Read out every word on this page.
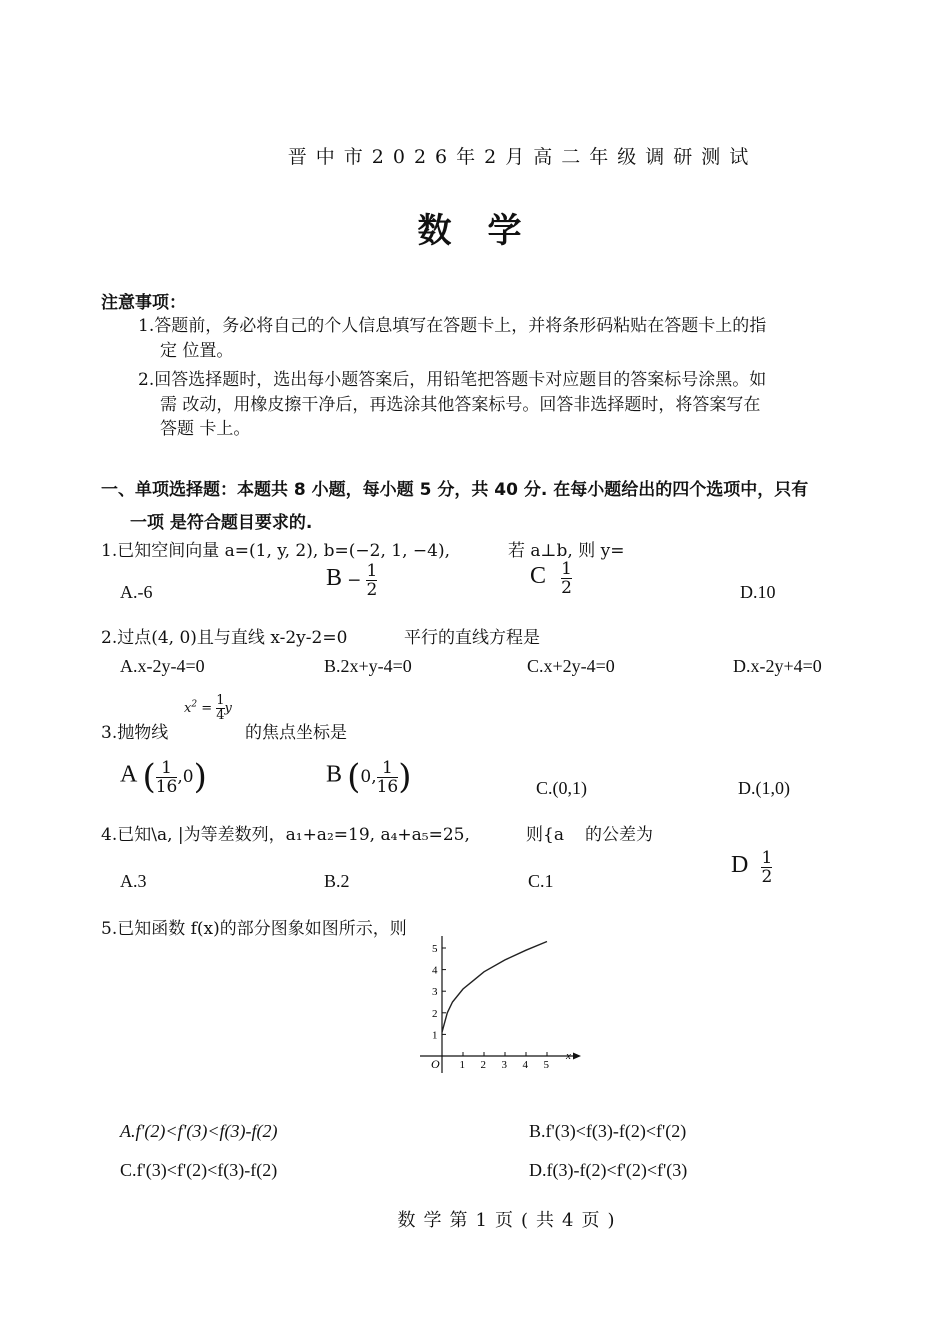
晋中市2026年2月高二年级调研测试
数学
注意事项：
1.答题前，务必将自己的个人信息填写在答题卡上，并将条形码粘贴在答题卡上的指
定 位置。
2.回答选择题时，选出每小题答案后，用铅笔把答题卡对应题目的答案标号涂黑。如
需 改动，用橡皮擦干净后，再选涂其他答案标号。回答非选择题时，将答案写在
答题 卡上。
一、单项选择题：本题共 8 小题，每小题 5 分，共 40 分. 在每小题给出的四个选项中，只有
一项 是符合题目要求的.
1.已知空间向量 a=(1, y, 2), b=(−2, 1, −4),	若 a⊥b, 则 y=
A.-6
$B - \frac{1}{2}$	C $\frac{1}{2}$	D.10
2.过点(4, 0)且与直线 x-2y-2=0	平行的直线方程是
A.x-2y-4=0	B.2x+y-4=0	C.x+2y-4=0	D.x-2y+4=0
3.抛物线
$x^2 = \frac{1}{4}$ y
的焦点坐标是
A ( $\frac{1}{16} ,0$)	B (0, $\frac{1}{16}$ )	C.(0,1)	D.(1,0)
4.已知\a, |为等差数列，a₁+a₂=19, a₄+a₅=25,	则{a 的公差为
A.3	B.2	C.1
D $\frac{1}{2}$
5.已知函数 f(x)的部分图象如图所示，则
1 2 3 4 5
1
2
3
4
5
O
x
A.f'(2)<f'(3)<f(3)-f(2)	B.f'(3)<f(3)-f(2)<f'(2)
C.f'(3)<f'(2)<f(3)-f(2)	D.f(3)-f(2)<f'(2)<f'(3)
数学第1页(共4页)
